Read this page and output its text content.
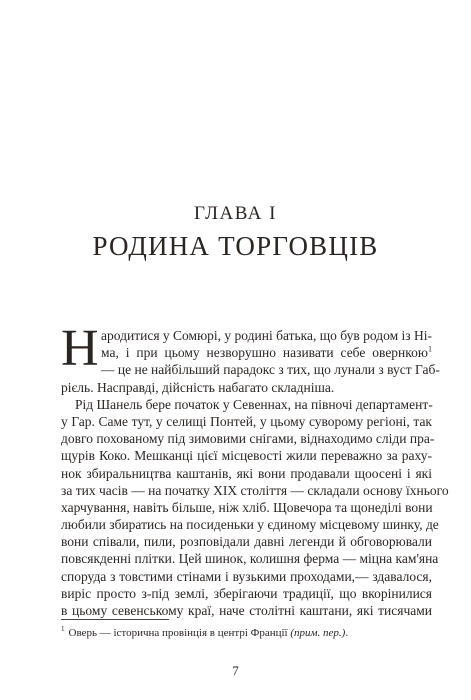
ГЛАВА I
РОДИНА ТОРГОВЦІВ
Н ародитися у Сомюрі, у родині батька, що був родом із Ні-
ма, і при цьому незворушно називати себе овернкою$^1$
— це не найбільший парадокс з тих, що лунали з вуст Габ-
рієль. Насправді, дійсність набагато складніша.
Рід Шанель бере початок у Севеннах, на півночі департамент-
у Гар. Саме тут, у селищі Понтей, у цьому суворому регіоні, так
довго похованому під зимовими снігами, віднаходимо сліди пра-
щурів Коко. Мешканці цієї місцевості жили переважно за раху-
нок збиральництва каштанів, які вони продавали щоосені і які
за тих часів — на початку XIX століття — складали основу їхнього
харчування, навіть більше, ніж хліб. Щовечора та щонеділі вони
любили збиратись на посиденьки у єдиному місцевому шинку, де
вони співали, пили, розповідали давні легенди й обговорювали
повсякденні плітки. Цей шинок, колишня ферма — міцна кам'яна
споруда з товстими стінами і вузькими проходами,— здавалося,
виріс просто з-під землі, зберігаючи традиції, що вкорінилися
в цьому севенському краї, наче столітні каштани, які тисячами
$^1$ Оверь — історична провінція в центрі Франції (прим. пер.).
7
